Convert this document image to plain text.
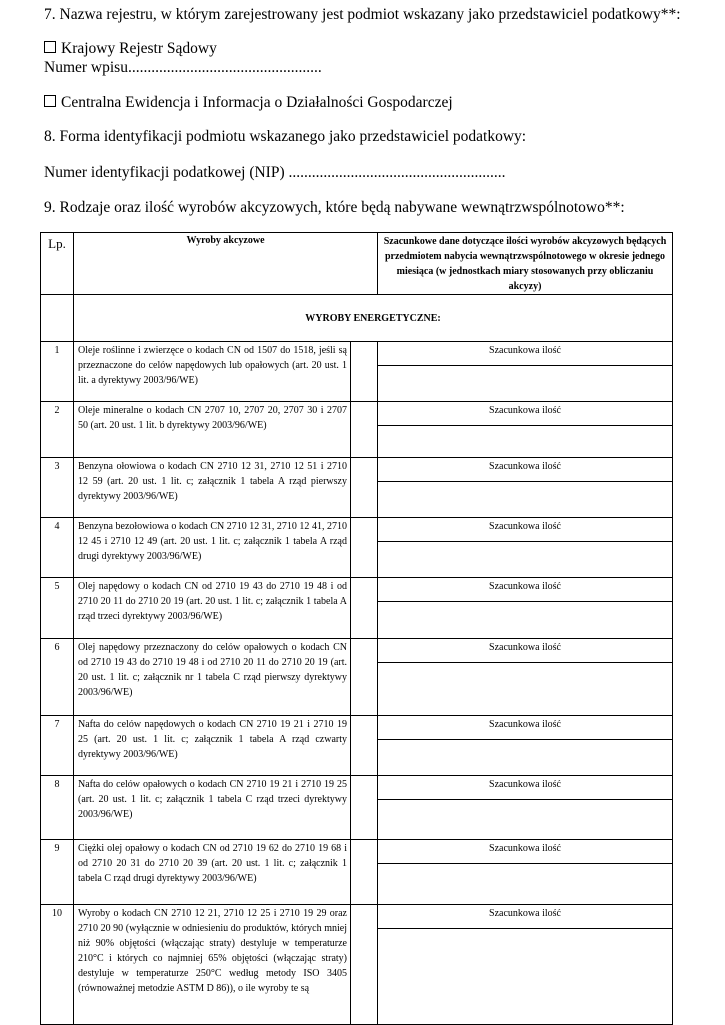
7. Nazwa rejestru, w którym zarejestrowany jest podmiot wskazany jako przedstawiciel podatkowy**:
Krajowy Rejestr Sądowy
Numer wpisu..................................................
Centralna Ewidencja i Informacja o Działalności Gospodarczej
8. Forma identyfikacji podmiotu wskazanego jako przedstawiciel podatkowy:
Numer identyfikacji podatkowej (NIP) ........................................................
9. Rodzaje oraz ilość wyrobów akcyzowych, które będą nabywane wewnątrzwspólnotowo**:
Lp.	Wyroby akcyzowe		Szacunkowe dane dotyczące ilości wyrobów akcyzowych będących przedmiotem nabycia wewnątrzwspólnotowego w okresie jednego miesiąca (w jednostkach miary stosowanych przy obliczaniu akcyzy)
	WYROBY ENERGETYCZNE:		
1	Oleje roślinne i zwierzęce o kodach CN od 1507 do 1518, jeśli są przeznaczone do celów napędowych lub opałowych (art. 20 ust. 1 lit. a dyrektywy 2003/96/WE)		Szacunkowa ilość

2	Oleje mineralne o kodach CN 2707 10, 2707 20, 2707 30 i 2707 50 (art. 20 ust. 1 lit. b dyrektywy 2003/96/WE)		Szacunkowa ilość

3	Benzyna ołowiowa o kodach CN 2710 12 31, 2710 12 51 i 2710 12 59 (art. 20 ust. 1 lit. c; załącznik 1 tabela A rząd pierwszy dyrektywy 2003/96/WE)		Szacunkowa ilość

4	Benzyna bezołowiowa o kodach CN 2710 12 31, 2710 12 41, 2710 12 45 i 2710 12 49 (art. 20 ust. 1 lit. c; załącznik 1 tabela A rząd drugi dyrektywy 2003/96/WE)		Szacunkowa ilość

5	Olej napędowy o kodach CN od 2710 19 43 do 2710 19 48 i od 2710 20 11 do 2710 20 19 (art. 20 ust. 1 lit. c; załącznik 1 tabela A rząd trzeci dyrektywy 2003/96/WE)		Szacunkowa ilość

6	Olej napędowy przeznaczony do celów opałowych o kodach CN od 2710 19 43 do 2710 19 48 i od 2710 20 11 do 2710 20 19 (art. 20 ust. 1 lit. c; załącznik nr 1 tabela C rząd pierwszy dyrektywy 2003/96/WE)		Szacunkowa ilość

7	Nafta do celów napędowych o kodach CN 2710 19 21 i 2710 19 25 (art. 20 ust. 1 lit. c; załącznik 1 tabela A rząd czwarty dyrektywy 2003/96/WE)		Szacunkowa ilość

8	Nafta do celów opałowych o kodach CN 2710 19 21 i 2710 19 25 (art. 20 ust. 1 lit. c; załącznik 1 tabela C rząd trzeci dyrektywy 2003/96/WE)		Szacunkowa ilość

9	Ciężki olej opałowy o kodach CN od 2710 19 62 do 2710 19 68 i od 2710 20 31 do 2710 20 39 (art. 20 ust. 1 lit. c; załącznik 1 tabela C rząd drugi dyrektywy 2003/96/WE)		Szacunkowa ilość

10	Wyroby o kodach CN 2710 12 21, 2710 12 25 i 2710 19 29 oraz 2710 20 90 (wyłącznie w odniesieniu do produktów, których mniej niż 90% objętości (włączając straty) destyluje w temperaturze 210°C i których co najmniej 65% objętości (włączając straty) destyluje w temperaturze 250°C według metody ISO 3405 (równoważnej metodzie ASTM D 86)), o ile wyroby te są		Szacunkowa ilość
